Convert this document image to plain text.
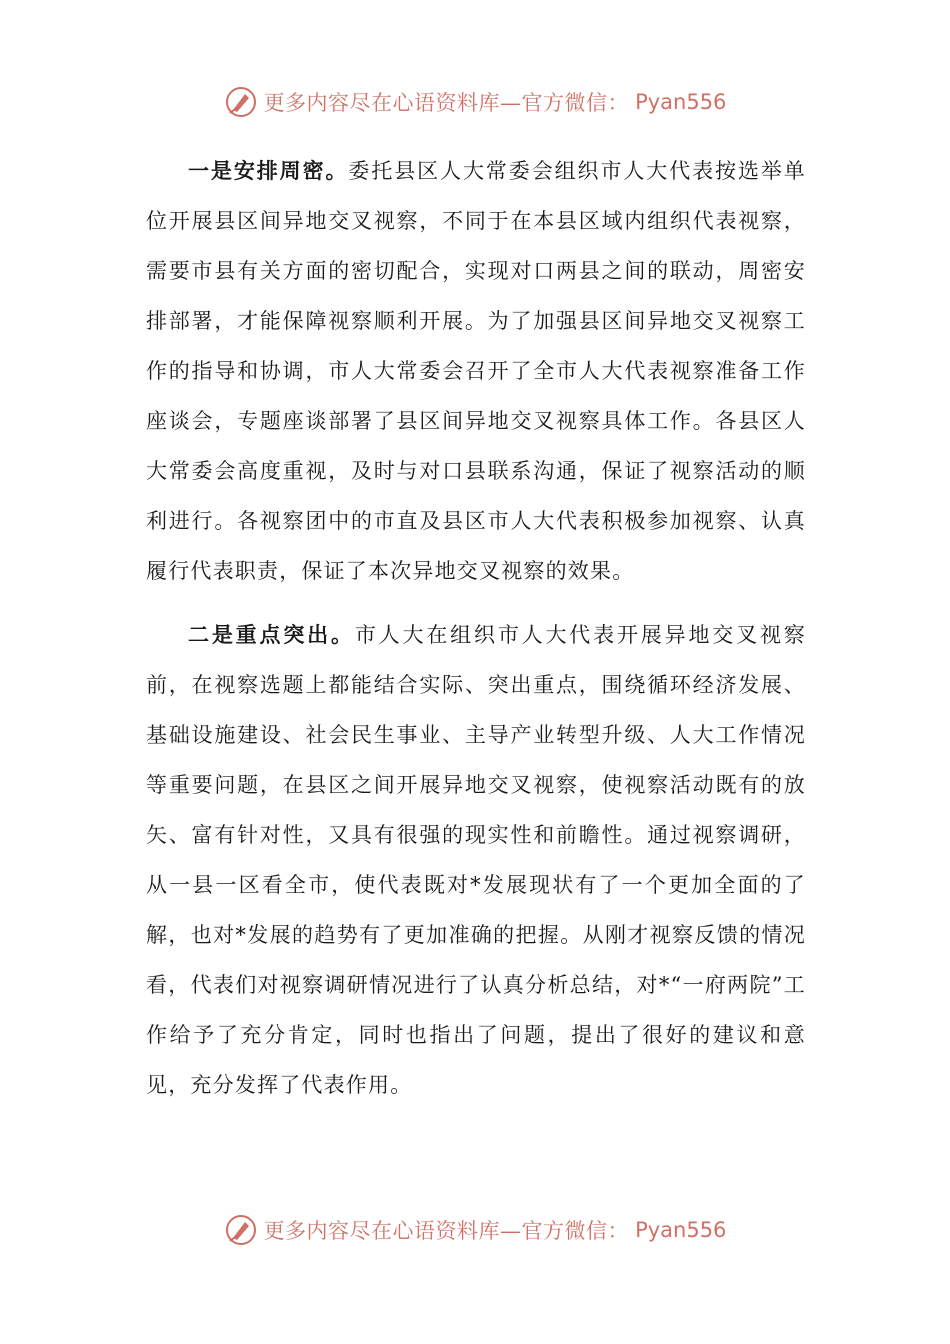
更多内容尽在心语资料库—官方微信： Pyan556

一是安排周密。委托县区人大常委会组织市人大代表按选举单位开展县区间异地交叉视察，不同于在本县区域内组织代表视察，需要市县有关方面的密切配合，实现对口两县之间的联动，周密安排部署，才能保障视察顺利开展。为了加强县区间异地交叉视察工作的指导和协调，市人大常委会召开了全市人大代表视察准备工作座谈会，专题座谈部署了县区间异地交叉视察具体工作。各县区人大常委会高度重视，及时与对口县联系沟通，保证了视察活动的顺利进行。各视察团中的市直及县区市人大代表积极参加视察、认真履行代表职责，保证了本次异地交叉视察的效果。

二是重点突出。市人大在组织市人大代表开展异地交叉视察前，在视察选题上都能结合实际、突出重点，围绕循环经济发展、基础设施建设、社会民生事业、主导产业转型升级、人大工作情况等重要问题，在县区之间开展异地交叉视察，使视察活动既有的放矢、富有针对性，又具有很强的现实性和前瞻性。通过视察调研，从一县一区看全市，使代表既对*发展现状有了一个更加全面的了解，也对*发展的趋势有了更加准确的把握。从刚才视察反馈的情况看，代表们对视察调研情况进行了认真分析总结，对*“一府两院”工作给予了充分肯定，同时也指出了问题，提出了很好的建议和意见，充分发挥了代表作用。

更多内容尽在心语资料库—官方微信： Pyan556
